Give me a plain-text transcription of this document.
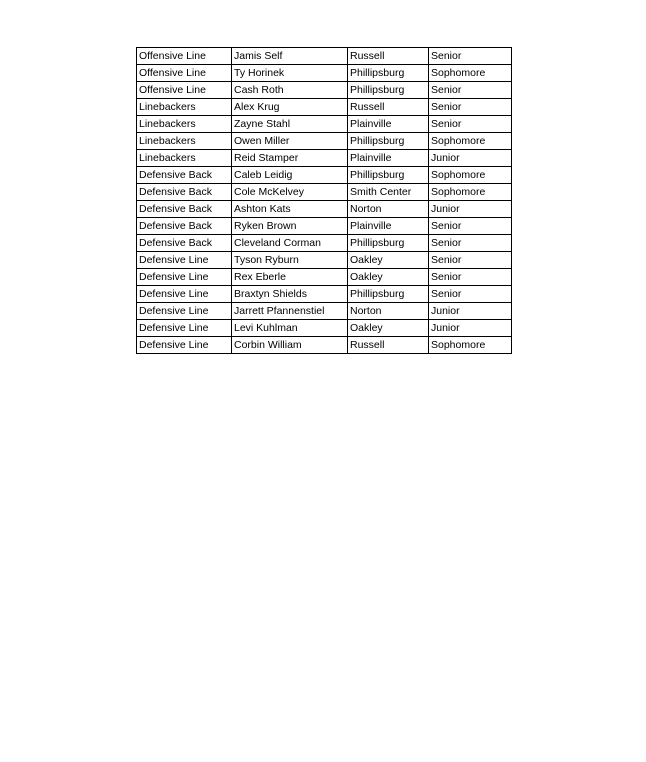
Offensive Line	Jamis Self	Russell	Senior
Offensive Line	Ty Horinek	Phillipsburg	Sophomore
Offensive Line	Cash Roth	Phillipsburg	Senior
Linebackers	Alex Krug	Russell	Senior
Linebackers	Zayne Stahl	Plainville	Senior
Linebackers	Owen Miller	Phillipsburg	Sophomore
Linebackers	Reid Stamper	Plainville	Junior
Defensive Back	Caleb Leidig	Phillipsburg	Sophomore
Defensive Back	Cole McKelvey	Smith Center	Sophomore
Defensive Back	Ashton Kats	Norton	Junior
Defensive Back	Ryken Brown	Plainville	Senior
Defensive Back	Cleveland Corman	Phillipsburg	Senior
Defensive Line	Tyson Ryburn	Oakley	Senior
Defensive Line	Rex Eberle	Oakley	Senior
Defensive Line	Braxtyn Shields	Phillipsburg	Senior
Defensive Line	Jarrett Pfannenstiel	Norton	Junior
Defensive Line	Levi Kuhlman	Oakley	Junior
Defensive Line	Corbin William	Russell	Sophomore
